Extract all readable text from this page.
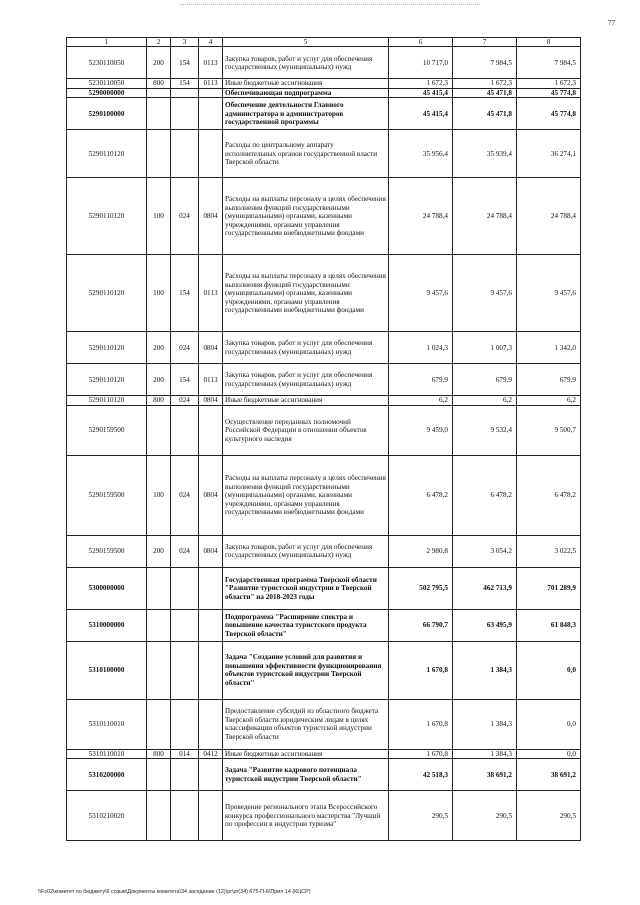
77
1	2	3	4	5	6	7	8
5230110050	200	154	0113	Закупка товаров, работ и услуг для обеспечения государственных (муниципальных) нужд	10 717,0	7 984,5	7 984,5
5230110050	800	154	0113	Иные бюджетные ассигнования	1 672,3	1 672,3	1 672,3
5290000000				Обеспечивающая подпрограмма	45 415,4	45 471,8	45 774,8
5290100000				Обеспечение деятельности Главного администратора и администраторов государственной программы	45 415,4	45 471,8	45 774,8
5290110120				Расходы по центральному аппарату исполнительных органов государственной власти Тверской области	35 956,4	35 939,4	36 274,1
5290110120	100	024	0804	Расходы на выплаты персоналу в целях обеспечения выполнения функций государственными (муниципальными) органами, казенными учреждениями, органами управления государственными внебюджетными фондами	24 788,4	24 788,4	24 788,4
5290110120	100	154	0113	Расходы на выплаты персоналу в целях обеспечения выполнения функций государственными (муниципальными) органами, казенными учреждениями, органами управления государственными внебюджетными фондами	9 457,6	9 457,6	9 457,6
5290110120	200	024	0804	Закупка товаров, работ и услуг для обеспечения государственных (муниципальных) нужд	1 024,3	1 007,3	1 342,0
5290110120	200	154	0113	Закупка товаров, работ и услуг для обеспечения государственных (муниципальных) нужд	679,9	679,9	679,9
5290110120	800	024	0804	Иные бюджетные ассигнования	6,2	6,2	6,2
5290159500				Осуществление переданных полномочий Российской Федерации в отношении объектов культурного наследия	9 459,0	9 532,4	9 500,7
5290159500	100	024	0804	Расходы на выплаты персоналу в целях обеспечения выполнения функций государственными (муниципальными) органами, казенными учреждениями, органами управления государственными внебюджетными фондами	6 478,2	6 478,2	6 478,2
5290159500	200	024	0804	Закупка товаров, работ и услуг для обеспечения государственных (муниципальных) нужд	2 980,8	3 054,2	3 022,5
5300000000				Государственная программа Тверской области "Развитие туристской индустрии в Тверской области" на 2018-2023 годы	502 795,5	462 713,9	701 289,9
5310000000				Подпрограмма "Расширение спектра и повышение качества туристского продукта Тверской области"	66 790,7	63 495,9	61 848,3
5310100000				Задача "Создание условий для развития и повышения эффективности функционирования объектов туристской индустрии Тверской области"	1 670,8	1 384,3	0,0
5310110010				Предоставление субсидий из областного бюджета Тверской области юридическим лицам в целях классификации объектов туристской индустрии Тверской области	1 670,8	1 384,3	0,0
5310110010	800	014	0412	Иные бюджетные ассигнования	1 670,8	1 384,3	0,0
5310200000				Задача "Развитие кадрового потенциала туристской индустрии Тверской области"	42 518,3	38 691,2	38 691,2
5310210020				Проведение регионального этапа Всероссийского конкурса профессионального мастерства "Лучший по профессии в индустрии туризма"	290,5	290,5	290,5
\\Fs02\комитет по бюджету\6 созыв\Документы комитета\34 заседание (12)\pr\pr(34) 675-П-6\Прил 14 (КЦСР)
